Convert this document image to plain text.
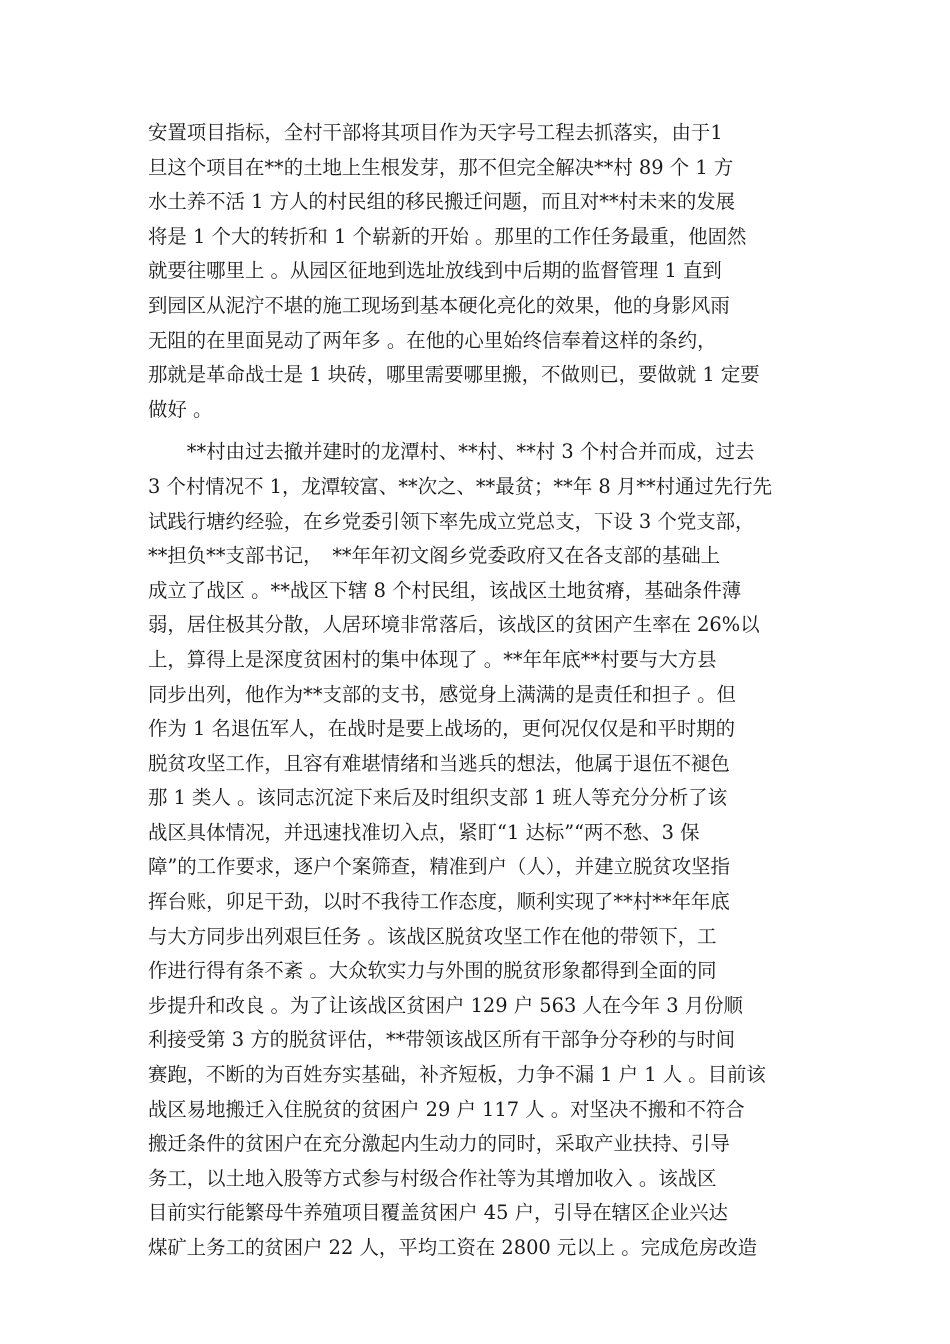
安置项目指标，全村干部将其项目作为天字号工程去抓落实，由于1
旦这个项目在**的土地上生根发芽，那不但完全解决**村 89 个 1 方
水土养不活 1 方人的村民组的移民搬迁问题，而且对**村未来的发展
将是 1 个大的转折和 1 个崭新的开始 。那里的工作任务最重，他固然
就要往哪里上 。从园区征地到选址放线到中后期的监督管理 1 直到
到园区从泥泞不堪的施工现场到基本硬化亮化的效果，他的身影风雨
无阻的在里面晃动了两年多 。在他的心里始终信奉着这样的条约，
那就是革命战士是 1 块砖，哪里需要哪里搬，不做则已，要做就 1 定要
做好 。
　　**村由过去撤并建时的龙潭村、**村、**村 3 个村合并而成，过去
3 个村情况不 1，龙潭较富、**次之、**最贫；**年 8 月**村通过先行先
试践行塘约经验，在乡党委引领下率先成立党总支，下设 3 个党支部，
**担负**支部书记，　**年年初文阁乡党委政府又在各支部的基础上
成立了战区 。**战区下辖 8 个村民组，该战区土地贫瘠，基础条件薄
弱，居住极其分散，人居环境非常落后，该战区的贫困产生率在 26%以
上，算得上是深度贫困村的集中体现了 。**年年底**村要与大方县
同步出列，他作为**支部的支书，感觉身上满满的是责任和担子 。但
作为 1 名退伍军人，在战时是要上战场的，更何况仅仅是和平时期的
脱贫攻坚工作，且容有难堪情绪和当逃兵的想法，他属于退伍不褪色
那 1 类人 。该同志沉淀下来后及时组织支部 1 班人等充分分析了该
战区具体情况，并迅速找准切入点，紧盯“1 达标”“两不愁、3 保
障”的工作要求，逐户个案筛查，精准到户（人），并建立脱贫攻坚指
挥台账，卯足干劲，以时不我待工作态度，顺利实现了**村**年年底
与大方同步出列艰巨任务 。该战区脱贫攻坚工作在他的带领下，工
作进行得有条不紊 。大众软实力与外围的脱贫形象都得到全面的同
步提升和改良 。为了让该战区贫困户 129 户 563 人在今年 3 月份顺
利接受第 3 方的脱贫评估，**带领该战区所有干部争分夺秒的与时间
赛跑，不断的为百姓夯实基础，补齐短板，力争不漏 1 户 1 人 。目前该
战区易地搬迁入住脱贫的贫困户 29 户 117 人 。对坚决不搬和不符合
搬迁条件的贫困户在充分激起内生动力的同时，采取产业扶持、引导
务工，以土地入股等方式参与村级合作社等为其增加收入 。该战区
目前实行能繁母牛养殖项目覆盖贫困户 45 户，引导在辖区企业兴达
煤矿上务工的贫困户 22 人，平均工资在 2800 元以上 。完成危房改造
